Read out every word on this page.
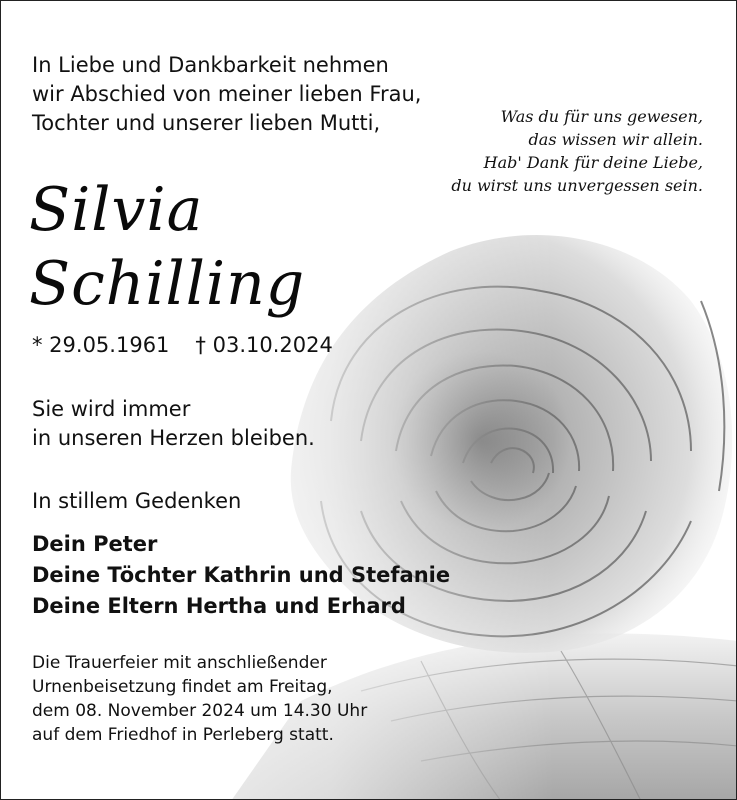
In Liebe und Dankbarkeit nehmen
wir Abschied von meiner lieben Frau,
Tochter und unserer lieben Mutti,	Was du für uns gewesen,
das wissen wir allein.
Hab' Dank für deine Liebe,
du wirst uns unvergessen sein.
Silvia
Schilling
* 29.05.1961 † 03.10.2024
Sie wird immer
in unseren Herzen bleiben.
In stillem Gedenken
Dein Peter
Deine Töchter Kathrin und Stefanie
Deine Eltern Hertha und Erhard
Die Trauerfeier mit anschließender
Urnenbeisetzung findet am Freitag,
dem 08. November 2024 um 14.30 Uhr
auf dem Friedhof in Perleberg statt.
